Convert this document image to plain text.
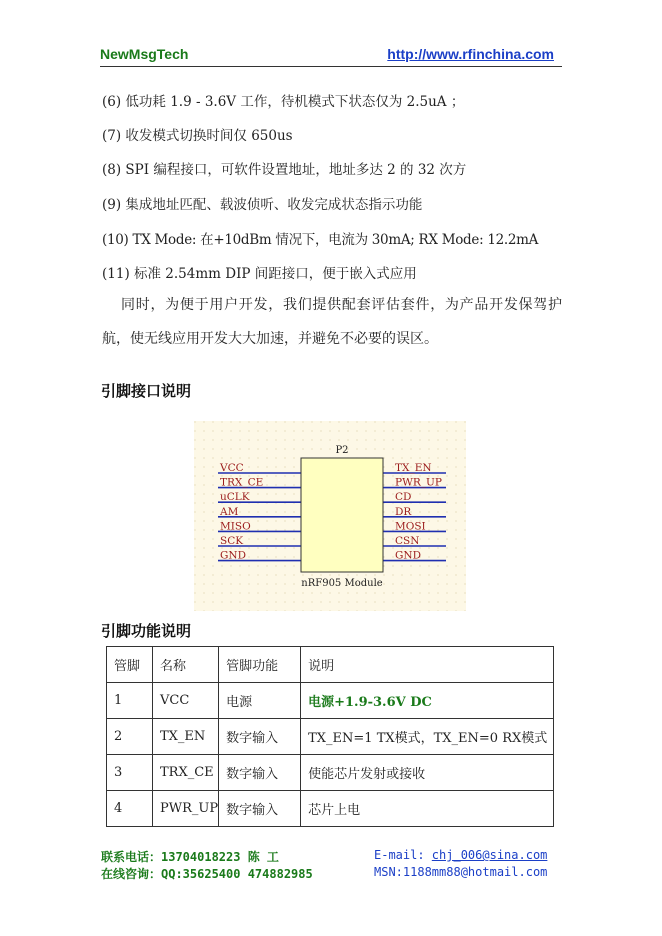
NewMsgTech	http://www.rfinchina.com
(6) 低功耗 1.9 - 3.6V 工作，待机模式下状态仅为 2.5uA ；
(7) 收发模式切换时间仅 650us
(8) SPI 编程接口，可软件设置地址，地址多达 2 的 32 次方
(9) 集成地址匹配、载波侦听、收发完成状态指示功能
(10) TX Mode: 在+10dBm 情况下，电流为 30mA; RX Mode: 12.2mA
(11) 标准 2.54mm DIP 间距接口，便于嵌入式应用
同时，为便于用户开发，我们提供配套评估套件，为产品开发保驾护航，使无线应用开发大大加速，并避免不必要的误区。
引脚接口说明
VCC
TRX_CE
uCLK
AM
MISO
SCK
GND
TX_EN
PWR_UP
CD
DR
MOSI
CSN
GND
P2
nRF905 Module
引脚功能说明
管脚	名称	管脚功能	说明
1	VCC	电源	电源+1.9-3.6V DC
2	TX_EN	数字输入	TX_EN=1 TX模式，TX_EN=0 RX模式
3	TRX_CE	数字输入	使能芯片发射或接收
4	PWR_UP	数字输入	芯片上电
联系电话：13704018223 陈 工	E-mail: chj_006@sina.com
在线咨询：QQ:35625400 474882985	MSN:1188mm88@hotmail.com
